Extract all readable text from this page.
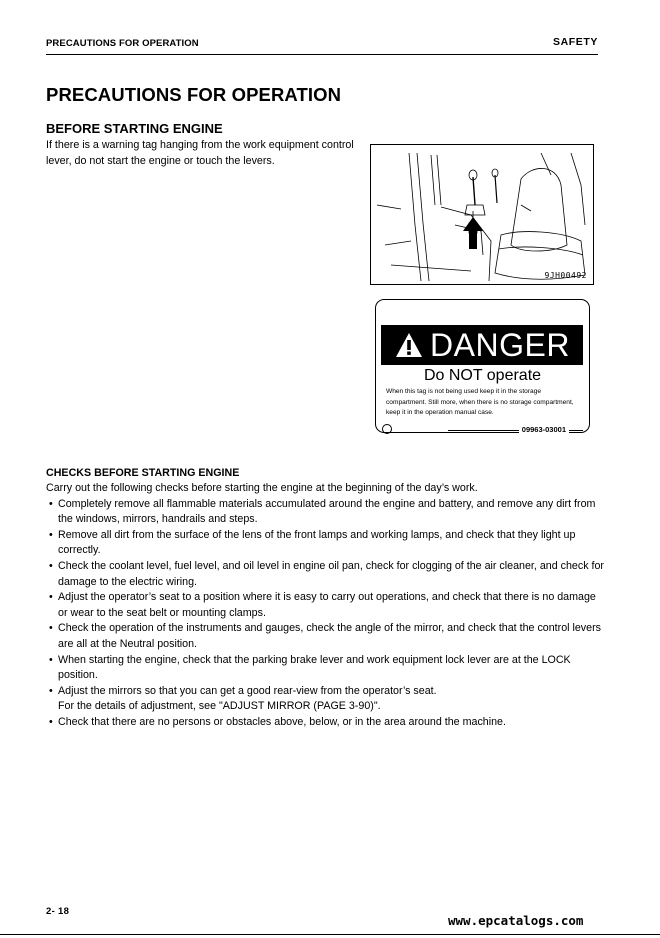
PRECAUTIONS FOR OPERATION	SAFETY
PRECAUTIONS FOR OPERATION
BEFORE STARTING ENGINE
If there is a warning tag hanging from the work equipment control lever, do not start the engine or touch the levers.
9JH00492
DANGER
Do NOT operate
When this tag is not being used keep it in the storage compartment. Still more, when there is no storage compartment, keep it in the operation manual case.
09963-03001
CHECKS BEFORE STARTING ENGINE

Carry out the following checks before starting the engine at the beginning of the day’s work.

• Completely remove all flammable materials accumulated around the engine and battery, and remove any dirt from the windows, mirrors, handrails and steps.
• Remove all dirt from the surface of the lens of the front lamps and working lamps, and check that they light up correctly.
• Check the coolant level, fuel level, and oil level in engine oil pan, check for clogging of the air cleaner, and check for damage to the electric wiring.
• Adjust the operator’s seat to a position where it is easy to carry out operations, and check that there is no damage or wear to the seat belt or mounting clamps.
• Check the operation of the instruments and gauges, check the angle of the mirror, and check that the control levers are all at the Neutral position.
• When starting the engine, check that the parking brake lever and work equipment lock lever are at the LOCK position.
• Adjust the mirrors so that you can get a good rear-view from the operator’s seat.
For the details of adjustment, see "ADJUST MIRROR (PAGE 3-90)".
• Check that there are no persons or obstacles above, below, or in the area around the machine.
2- 18
www.epcatalogs.com
